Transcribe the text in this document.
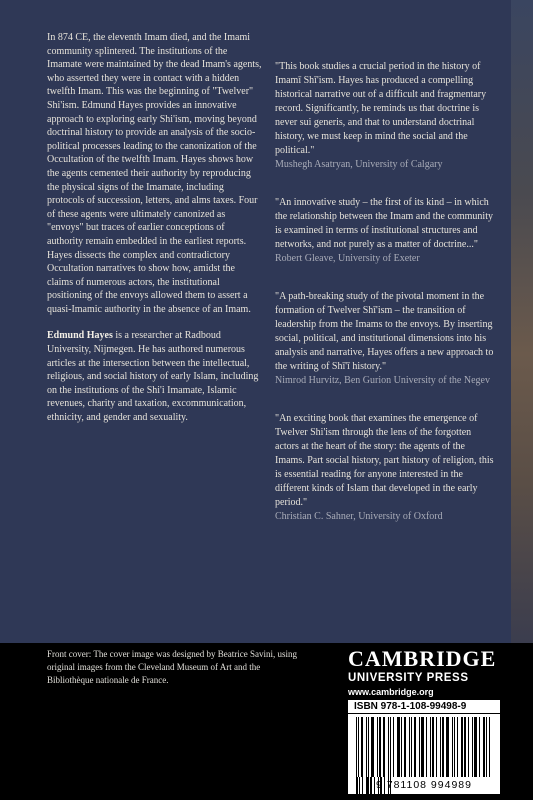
In 874 CE, the eleventh Imam died, and the Imami community splintered. The institutions of the Imamate were maintained by the dead Imam's agents, who asserted they were in contact with a hidden twelfth Imam. This was the beginning of "Twelver" Shi'ism. Edmund Hayes provides an innovative approach to exploring early Shi'ism, moving beyond doctrinal history to provide an analysis of the socio-political processes leading to the canonization of the Occultation of the twelfth Imam. Hayes shows how the agents cemented their authority by reproducing the physical signs of the Imamate, including protocols of succession, letters, and alms taxes. Four of these agents were ultimately canonized as "envoys" but traces of earlier conceptions of authority remain embedded in the earliest reports. Hayes dissects the complex and contradictory Occultation narratives to show how, amidst the claims of numerous actors, the institutional positioning of the envoys allowed them to assert a quasi-Imamic authority in the absence of an Imam.

Edmund Hayes is a researcher at Radboud University, Nijmegen. He has authored numerous articles at the intersection between the intellectual, religious, and social history of early Islam, including on the institutions of the Shi'i Imamate, Islamic revenues, charity and taxation, excommunication, ethnicity, and gender and sexuality.

"This book studies a crucial period in the history of Imamī Shī'ism. Hayes has produced a compelling historical narrative out of a difficult and fragmentary record. Significantly, he reminds us that doctrine is never sui generis, and that to understand doctrinal history, we must keep in mind the social and the political."

Mushegh Asatryan, University of Calgary

"An innovative study – the first of its kind – in which the relationship between the Imam and the community is examined in terms of institutional structures and networks, and not purely as a matter of doctrine..."

Robert Gleave, University of Exeter

"A path-breaking study of the pivotal moment in the formation of Twelver Shī'ism – the transition of leadership from the Imams to the envoys. By inserting social, political, and institutional dimensions into his analysis and narrative, Hayes offers a new approach to the writing of Shī'ī history."

Nimrod Hurvitz, Ben Gurion University of the Negev

"An exciting book that examines the emergence of Twelver Shi'ism through the lens of the forgotten actors at the heart of the story: the agents of the Imams. Part social history, part history of religion, this is essential reading for anyone interested in the different kinds of Islam that developed in the early period."

Christian C. Sahner, University of Oxford

Front cover: The cover image was designed by Beatrice Savini, using original images from the Cleveland Museum of Art and the Bibliothèque nationale de France.
CAMBRIDGE
UNIVERSITY PRESS
www.cambridge.org
ISBN 978-1-108-99498-9
9 781108 994989
